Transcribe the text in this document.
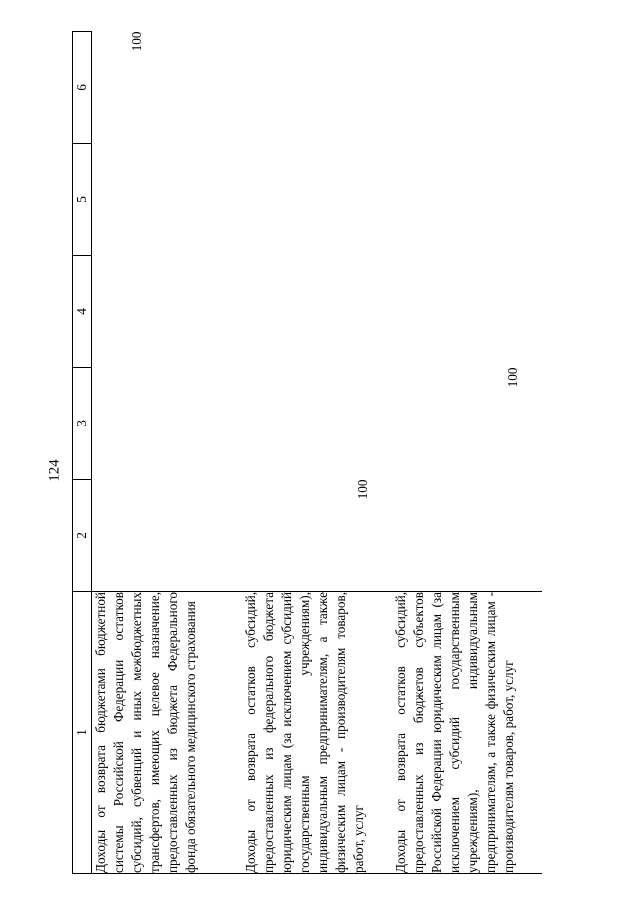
124
1	2	3	4	5	6
Доходы от возврата бюджетами бюджетной системы Российской Федерации остатков субсидий, субвенций и иных межбюджетных трансфертов, имеющих целевое назначение, предоставленных из бюджета Федерального фонда обязательного медицинского страхования					100
Доходы от возврата остатков субсидий, предоставленных из федерального бюджета юридическим лицам (за исключением субсидий государственным учреждениям), индивидуальным предпринимателям, а также физическим лицам - производителям товаров, работ, услуг	100				
Доходы от возврата остатков субсидий, предоставленных из бюджетов субъектов Российской Федерации юридическим лицам (за исключением субсидий государственным учреждениям), индивидуальным предпринимателям, а также физическим лицам - производителям товаров, работ, услуг		100			
